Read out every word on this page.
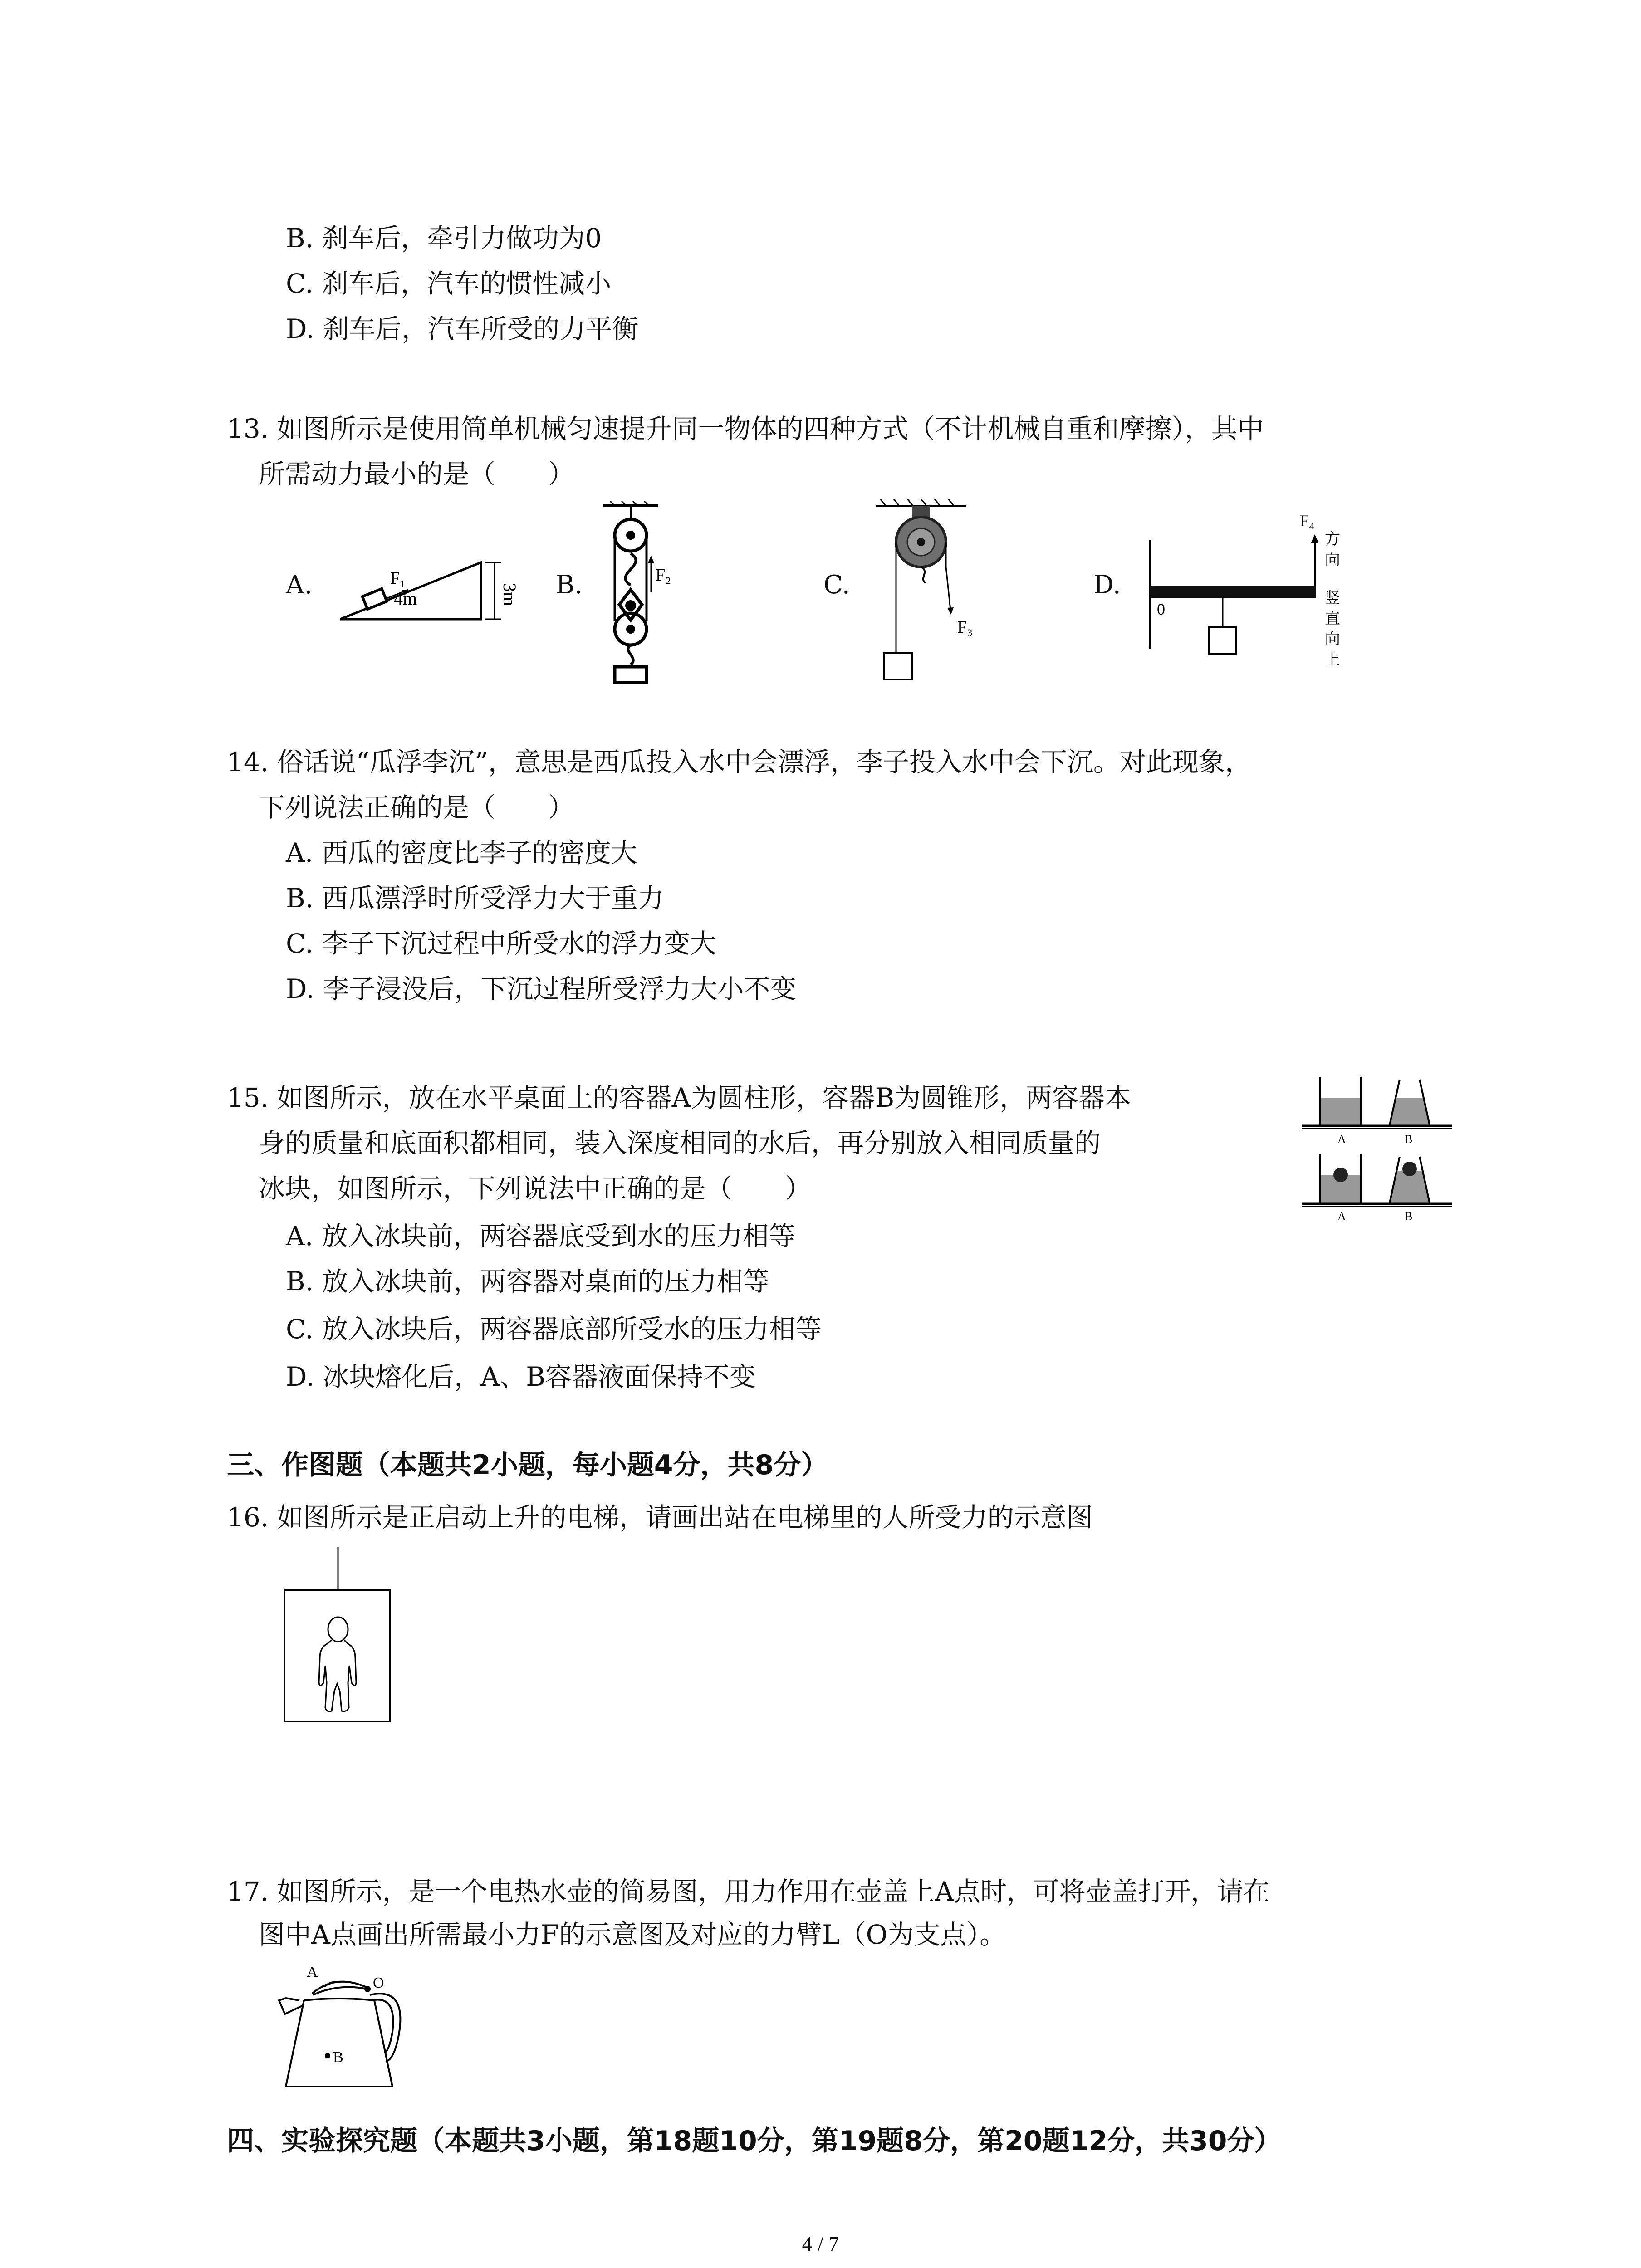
B. 刹车后，牵引力做功为0
C. 刹车后，汽车的惯性减小
D. 刹车后，汽车所受的力平衡
13. 如图所示是使用简单机械匀速提升同一物体的四种方式（不计机械自重和摩擦），其中
所需动力最小的是（　　）
A.	B.	C.	D.
F₁
4m	3m
F₂
F₃
0
F₄
方
向
竖
直
向
上
14. 俗话说“瓜浮李沉”，意思是西瓜投入水中会漂浮，李子投入水中会下沉。对此现象，
下列说法正确的是（　　）
A. 西瓜的密度比李子的密度大
B. 西瓜漂浮时所受浮力大于重力
C. 李子下沉过程中所受水的浮力变大
D. 李子浸没后，下沉过程所受浮力大小不变
15. 如图所示，放在水平桌面上的容器A为圆柱形，容器B为圆锥形，两容器本
身的质量和底面积都相同，装入深度相同的水后，再分别放入相同质量的
冰块，如图所示，下列说法中正确的是（　　）
A. 放入冰块前，两容器底受到水的压力相等
B. 放入冰块前，两容器对桌面的压力相等
C. 放入冰块后，两容器底部所受水的压力相等
D. 冰块熔化后，A、B容器液面保持不变
A	B
A	B
三、作图题（本题共2小题，每小题4分，共8分）
16. 如图所示是正启动上升的电梯，请画出站在电梯里的人所受力的示意图
17. 如图所示，是一个电热水壶的简易图，用力作用在壶盖上A点时，可将壶盖打开，请在
图中A点画出所需最小力F的示意图及对应的力臂L（O为支点）。
A
O
B
四、实验探究题（本题共3小题，第18题10分，第19题8分，第20题12分，共30分）
4 / 7
